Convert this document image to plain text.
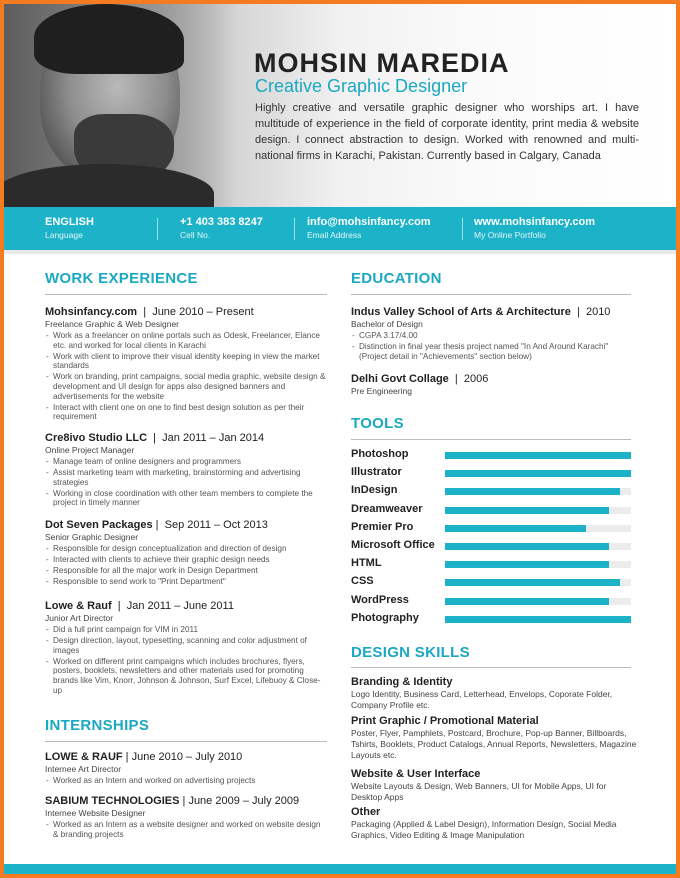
MOHSIN MAREDIA
Creative Graphic Designer
Highly creative and versatile graphic designer who worships art. I have multitude of experience in the field of corporate identity, print media & website design. I connect abstraction to design. Worked with renowned and multi-national firms in Karachi, Pakistan. Currently based in Calgary, Canada
ENGLISH
Language
+1 403 383 8247
Cell No.
info@mohsinfancy.com
Email Address
www.mohsinfancy.com
My Online Portfolio
WORK EXPERIENCE
Mohsinfancy.com  |  June 2010 – Present
Freelance Graphic & Web Designer
- Work as a freelancer on online portals such as Odesk, Freelancer, Elance etc. and worked for local clients in Karachi
- Work with client to improve their visual identity keeping in view the market standards
- Work on branding, print campaigns, social media graphic, website design & development and UI design for apps also designed banners and advertisements for the website
- Interact with client one on one to find best design solution as per their requirement
Cre8ivo Studio LLC  |  Jan 2011 – Jan 2014
Online Project Manager
- Manage team of online designers and programmers
- Assist marketing team with marketing, brainstorming and advertising strategies
- Working in close coordination with other team members to complete the project in timely manner
Dot Seven Packages |  Sep 2011 – Oct 2013
Senior Graphic Designer
- Responsible for design conceptualization and direction of design
- Interacted with clients to achieve their graphic design needs
- Responsible for all the major work in Design Department
- Responsible to send work to "Print Department"
Lowe & Rauf  |  Jan 2011 – June 2011
Junior Art Director
- Did a full print campaign for VIM in 2011
- Design direction, layout, typesetting, scanning and color adjustment of images
- Worked on different print campaigns which includes brochures, flyers, posters, booklets, newsletters and other materials used for promoting brands like Vim, Knorr, Johnson & Johnson, Surf Excel, Lifebuoy & Close-up
INTERNSHIPS
LOWE & RAUF | June 2010 – July 2010
Internee Art Director
- Worked as an Intern and worked on advertising projects
SABIUM TECHNOLOGIES | June 2009 – July 2009
Internee Website Designer
- Worked as an Intern as a website designer and worked on website design & branding projects
EDUCATION
Indus Valley School of Arts & Architecture  |  2010
Bachelor of Design
- CGPA 3.17/4.00
- Distinction in final year thesis project named "In And Around Karachi" (Project detail in "Achievements" section below)
Delhi Govt Collage  |  2006
Pre Engineering
TOOLS
Photoshop
Illustrator
InDesign
Dreamweaver
Premier Pro
Microsoft Office
HTML
CSS
WordPress
Photography
DESIGN SKILLS
Branding & Identity
Logo Identity, Business Card, Letterhead, Envelops, Coporate Folder, Company Profile etc.
Print Graphic / Promotional Material
Poster, Flyer, Pamphlets, Postcard, Brochure, Pop-up Banner, Billboards, Tshirts, Booklets, Product Catalogs, Annual Reports, Newsletters, Magazine Layouts etc.
Website & User Interface
Website Layouts & Design, Web Banners, UI for Mobile Apps, UI for Desktop Apps
Other
Packaging (Applied & Label Design), Information Design, Social Media Graphics, Video Editing & Image Manipulation
